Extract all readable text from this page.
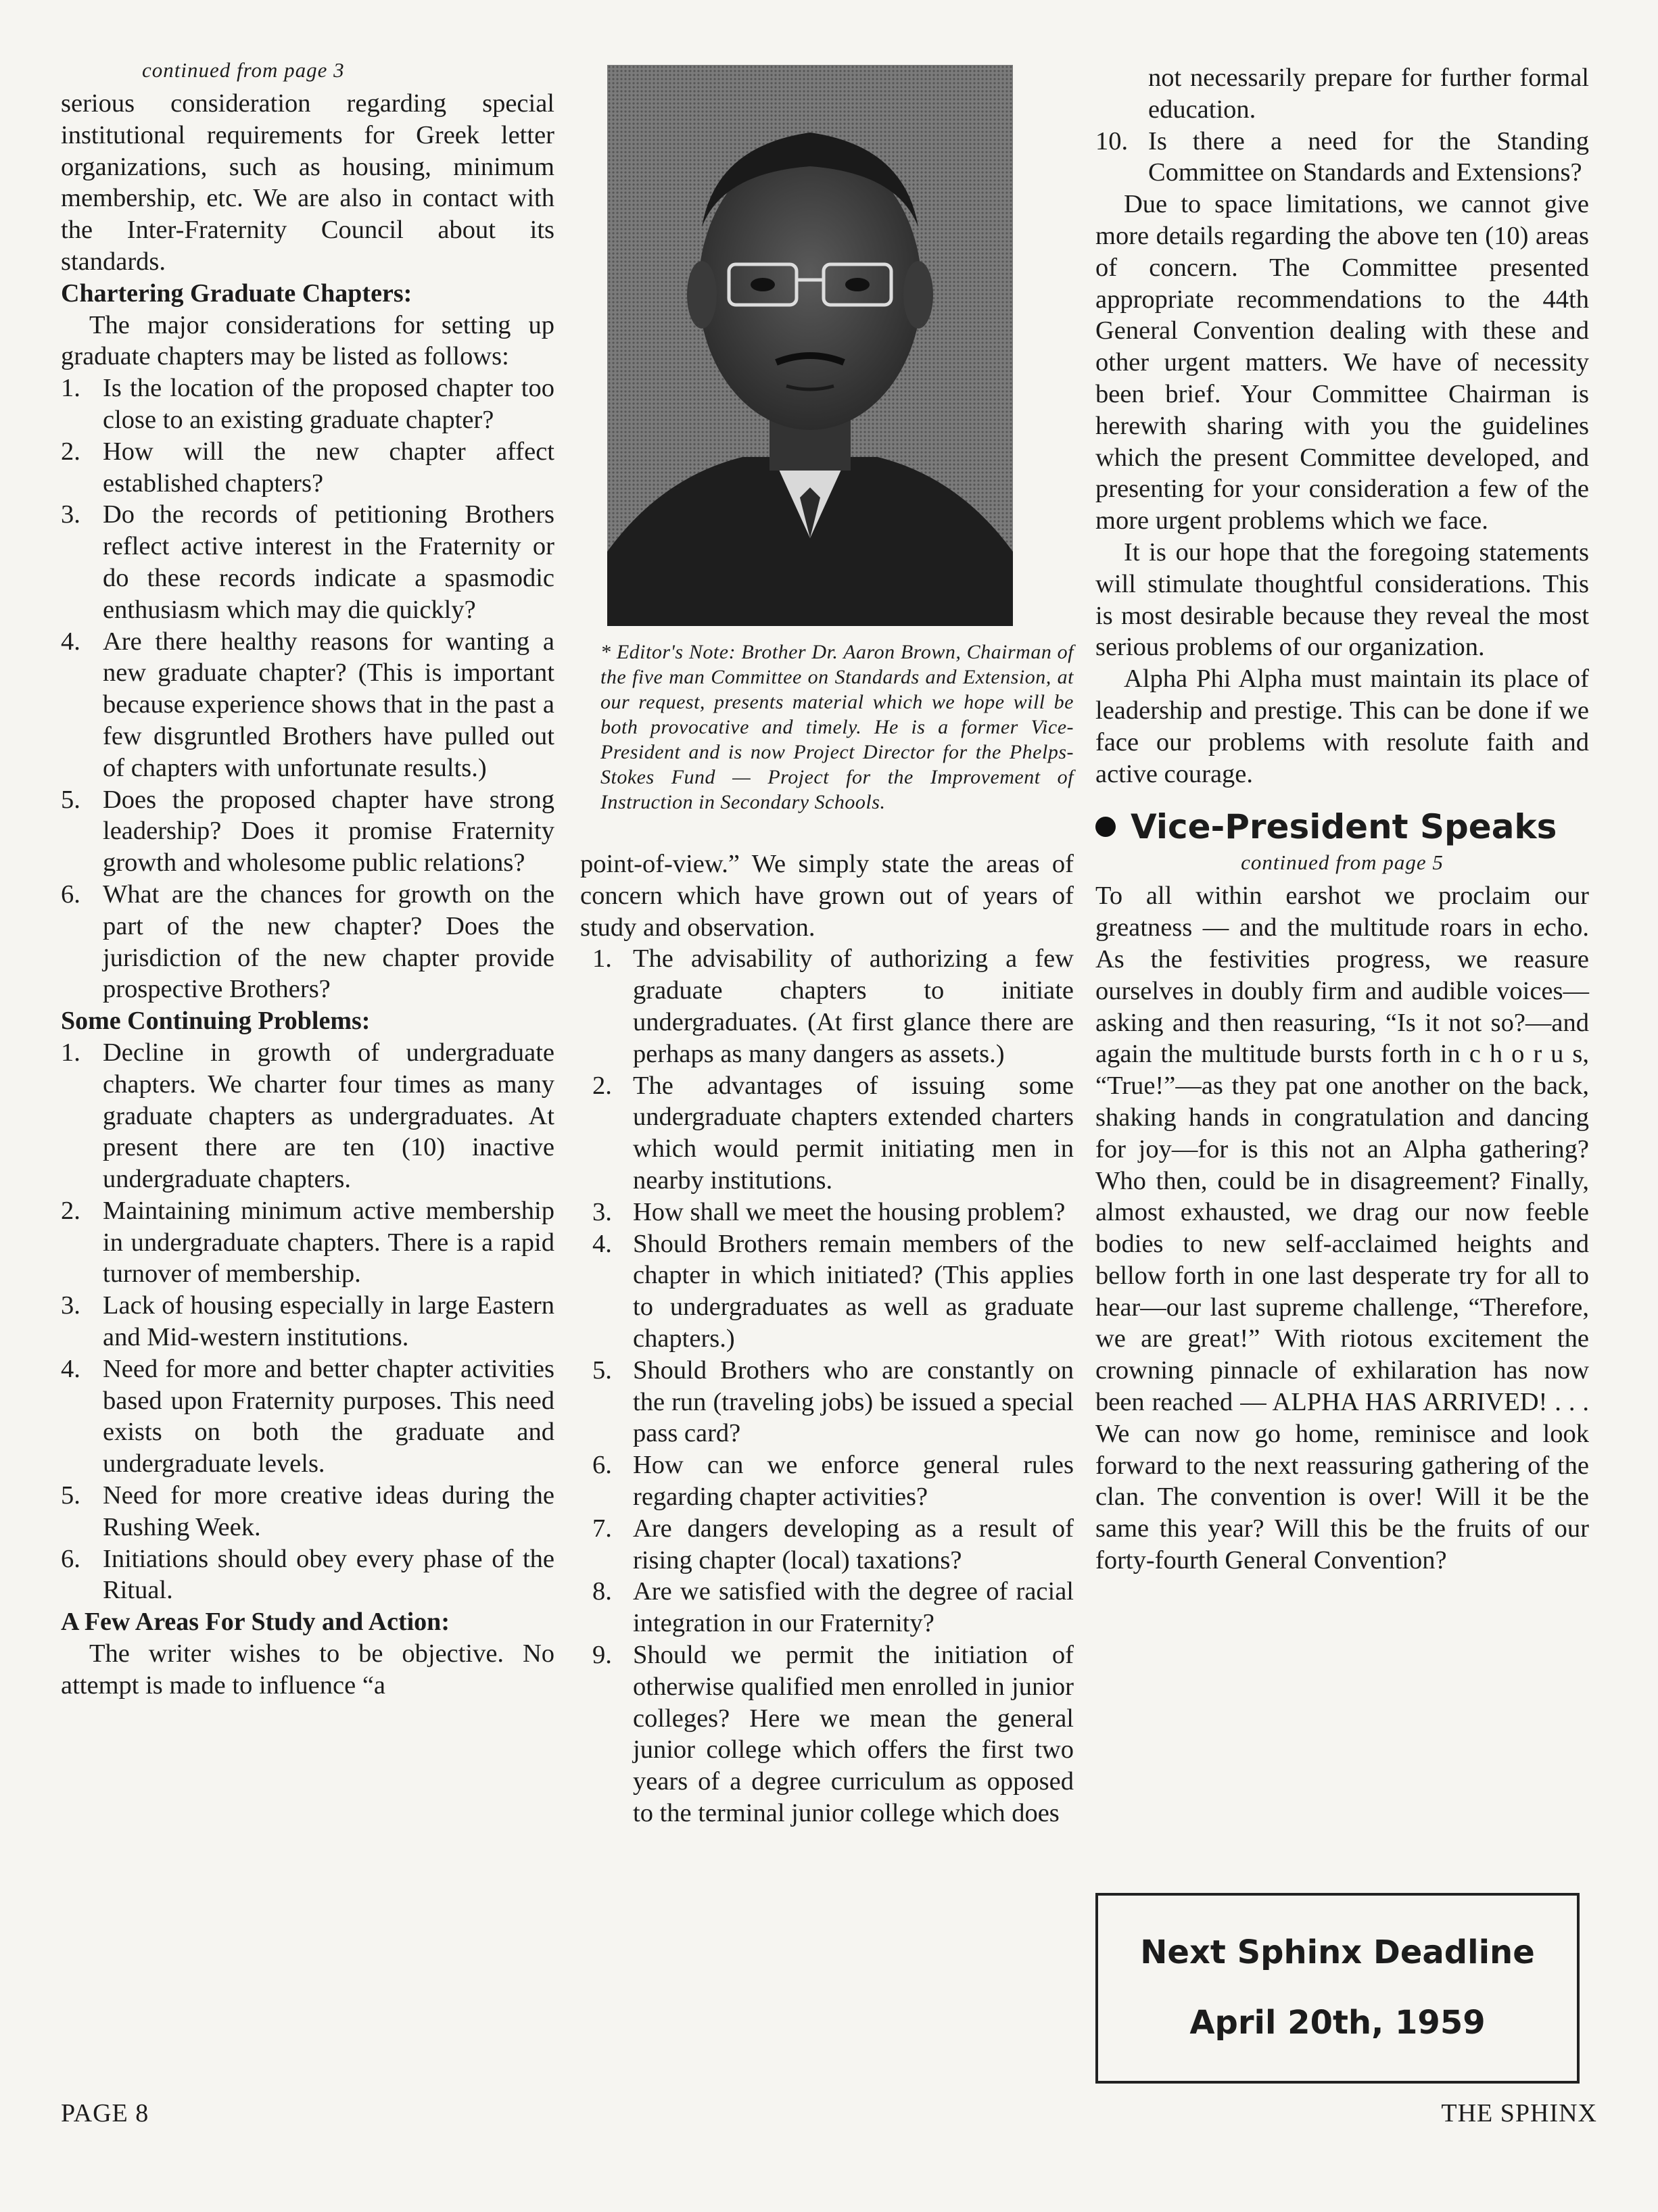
continued from page 3

serious consideration regarding special institutional requirements for Greek letter organizations, such as housing, minimum membership, etc. We are also in contact with the Inter-Fraternity Council about its standards.

Chartering Graduate Chapters:

The major considerations for setting up graduate chapters may be listed as follows:

1. Is the location of the proposed chapter too close to an existing graduate chapter?
2. How will the new chapter affect established chapters?
3. Do the records of petitioning Brothers reflect active interest in the Fraternity or do these records indicate a spasmodic enthusiasm which may die quickly?
4. Are there healthy reasons for wanting a new graduate chapter? (This is important because experience shows that in the past a few disgruntled Brothers have pulled out of chapters with unfortunate results.)
5. Does the proposed chapter have strong leadership? Does it promise Fraternity growth and wholesome public relations?
6. What are the chances for growth on the part of the new chapter? Does the jurisdiction of the new chapter provide prospective Brothers?
Some Continuing Problems:
1. Decline in growth of undergraduate chapters. We charter four times as many graduate chapters as undergraduates. At present there are ten (10) inactive undergraduate chapters.
2. Maintaining minimum active membership in undergraduate chapters. There is a rapid turnover of membership.
3. Lack of housing especially in large Eastern and Mid-western institutions.
4. Need for more and better chapter activities based upon Fraternity purposes. This need exists on both the graduate and undergraduate levels.
5. Need for more creative ideas during the Rushing Week.
6. Initiations should obey every phase of the Ritual.
A Few Areas For Study and Action:

The writer wishes to be objective. No attempt is made to influence “a

* Editor's Note: Brother Dr. Aaron Brown, Chairman of the five man Committee on Standards and Extension, at our request, presents material which we hope will be both provocative and timely. He is a former Vice-President and is now Project Director for the Phelps-Stokes Fund — Project for the Improvement of Instruction in Secondary Schools.

point-of-view.” We simply state the areas of concern which have grown out of years of study and observation.

1. The advisability of authorizing a few graduate chapters to initiate undergraduates. (At first glance there are perhaps as many dangers as assets.)
2. The advantages of issuing some undergraduate chapters extended charters which would permit initiating men in nearby institutions.
3. How shall we meet the housing problem?
4. Should Brothers remain members of the chapter in which initiated? (This applies to undergraduates as well as graduate chapters.)
5. Should Brothers who are constantly on the run (traveling jobs) be issued a special pass card?
6. How can we enforce general rules regarding chapter activities?
7. Are dangers developing as a result of rising chapter (local) taxations?
8. Are we satisfied with the degree of racial integration in our Fraternity?
9. Should we permit the initiation of otherwise qualified men enrolled in junior colleges? Here we mean the general junior college which offers the first two years of a degree curriculum as opposed to the terminal junior college which does
not necessarily prepare for further formal education.
10. Is there a need for the Standing Committee on Standards and Extensions?

Due to space limitations, we cannot give more details regarding the above ten (10) areas of concern. The Committee presented appropriate recommendations to the 44th General Convention dealing with these and other urgent matters. We have of necessity been brief. Your Committee Chairman is herewith sharing with you the guidelines which the present Committee developed, and presenting for your consideration a few of the more urgent problems which we face.

It is our hope that the foregoing statements will stimulate thoughtful considerations. This is most desirable because they reveal the most serious problems of our organization.

Alpha Phi Alpha must maintain its place of leadership and prestige. This can be done if we face our problems with resolute faith and active courage.

Vice-President Speaks
continued from page 5

To all within earshot we proclaim our greatness — and the multitude roars in echo. As the festivities progress, we reasure ourselves in doubly firm and audible voices—asking and then reasuring, “Is it not so?—and again the multitude bursts forth in c h o r u s, “True!”—as they pat one another on the back, shaking hands in congratulation and dancing for joy—for is this not an Alpha gathering? Who then, could be in disagreement? Finally, almost exhausted, we drag our now feeble bodies to new self-acclaimed heights and bellow forth in one last desperate try for all to hear—our last supreme challenge, “Therefore, we are great!” With riotous excitement the crowning pinnacle of exhilaration has now been reached — ALPHA HAS ARRIVED! . . . We can now go home, reminisce and look forward to the next reassuring gathering of the clan. The convention is over! Will it be the same this year? Will this be the fruits of our forty-fourth General Convention?

Next Sphinx Deadline
April 20th, 1959
PAGE 8	THE SPHINX
